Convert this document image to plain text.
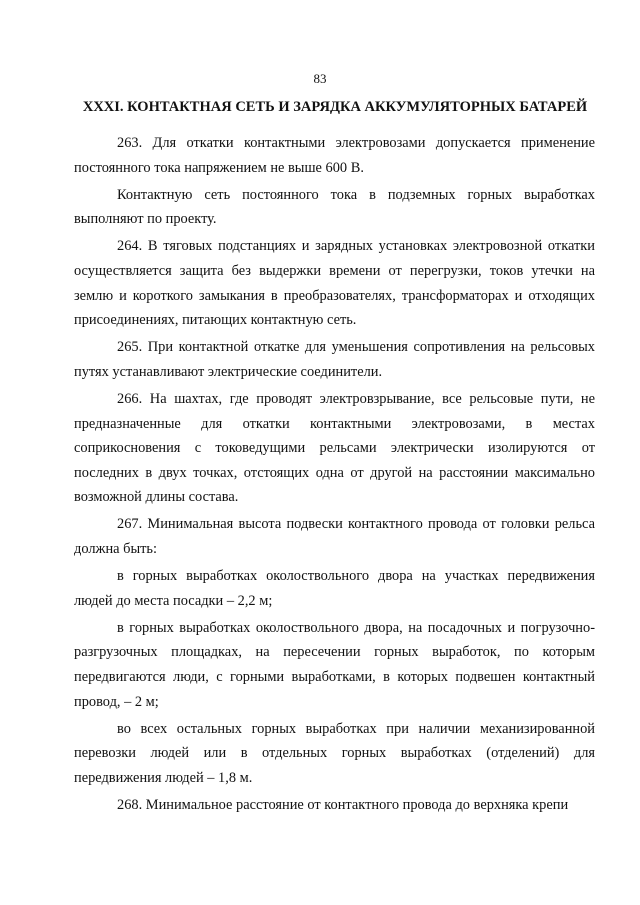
83
XXXI. КОНТАКТНАЯ СЕТЬ И ЗАРЯДКА АККУМУЛЯТОРНЫХ БАТАРЕЙ

263. Для откатки контактными электровозами допускается применение постоянного тока напряжением не выше 600 В.

Контактную сеть постоянного тока в подземных горных выработках выполняют по проекту.

264. В тяговых подстанциях и зарядных установках электровозной откатки осуществляется защита без выдержки времени от перегрузки, токов утечки на землю и короткого замыкания в преобразователях, трансформаторах и отходящих присоединениях, питающих контактную сеть.

265. При контактной откатке для уменьшения сопротивления на рельсовых путях устанавливают электрические соединители.

266. На шахтах, где проводят электровзрывание, все рельсовые пути, не предназначенные для откатки контактными электровозами, в местах соприкосновения с токоведущими рельсами электрически изолируются от последних в двух точках, отстоящих одна от другой на расстоянии максимально возможной длины состава.

267. Минимальная высота подвески контактного провода от головки рельса должна быть:

в горных выработках околоствольного двора на участках передвижения людей до места посадки – 2,2 м;

в горных выработках околоствольного двора, на посадочных и погрузочно-разгрузочных площадках, на пересечении горных выработок, по которым передвигаются люди, с горными выработками, в которых подвешен контактный провод, – 2 м;

во всех остальных горных выработках при наличии механизированной перевозки людей или в отдельных горных выработках (отделений) для передвижения людей – 1,8 м.

268. Минимальное расстояние от контактного провода до верхняка крепи
